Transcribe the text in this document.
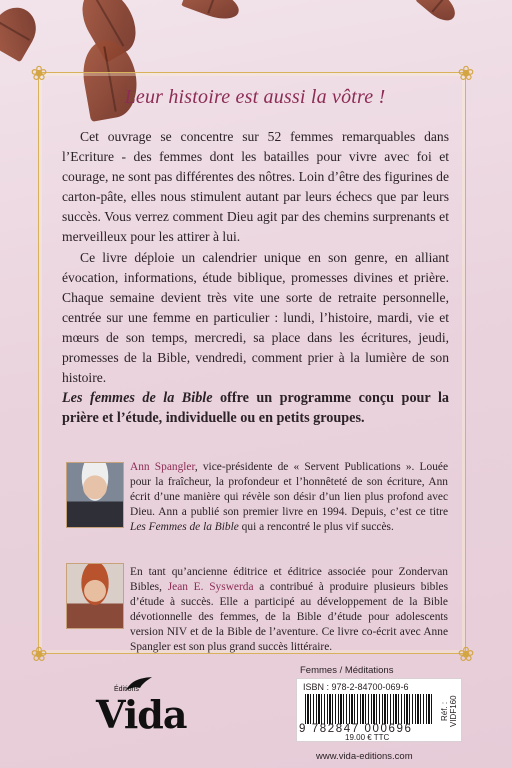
❀	❀
❀	❀
Leur histoire est aussi la vôtre !

Cet ouvrage se concentre sur 52 femmes remarquables dans l’Ecriture - des femmes dont les batailles pour vivre avec foi et courage, ne sont pas différentes des nôtres. Loin d’être des figurines de carton-pâte, elles nous stimulent autant par leurs échecs que par leurs succès. Vous verrez comment Dieu agit par des chemins surprenants et merveilleux pour les attirer à lui.

Ce livre déploie un calendrier unique en son genre, en alliant évocation, informations, étude biblique, promesses divines et prière. Chaque semaine devient très vite une sorte de retraite personnelle, centrée sur une femme en particulier : lundi, l’histoire, mardi, vie et mœurs de son temps, mercredi, sa place dans les écritures, jeudi, promesses de la Bible, vendredi, comment prier à la lumière de son histoire.

Les femmes de la Bible offre un programme conçu pour la prière et l’étude, individuelle ou en petits groupes.

Ann Spangler, vice-présidente de « Servent Publications ». Louée pour la fraîcheur, la profondeur et l’honnêteté de son écriture, Ann écrit d’une manière qui révèle son désir d’un lien plus profond avec Dieu. Ann a publié son premier livre en 1994. Depuis, c’est ce titre Les Femmes de la Bible qui a rencontré le plus vif succès.

En tant qu’ancienne éditrice et éditrice associée pour Zondervan Bibles, Jean E. Syswerda a contribué à produire plusieurs bibles d’étude à succès. Elle a participé au développement de la Bible dévotionnelle des femmes, de la Bible d’étude pour adolescents version NIV et de la Bible de l’aventure. Ce livre co-écrit avec Anne Spangler est son plus grand succès littéraire.

Éditions
Vida
Femmes / Méditations
ISBN : 978-2-84700-069-6
9 782847 000696
19.00 € TTC
Réf. : VIDF160
www.vida-editions.com
